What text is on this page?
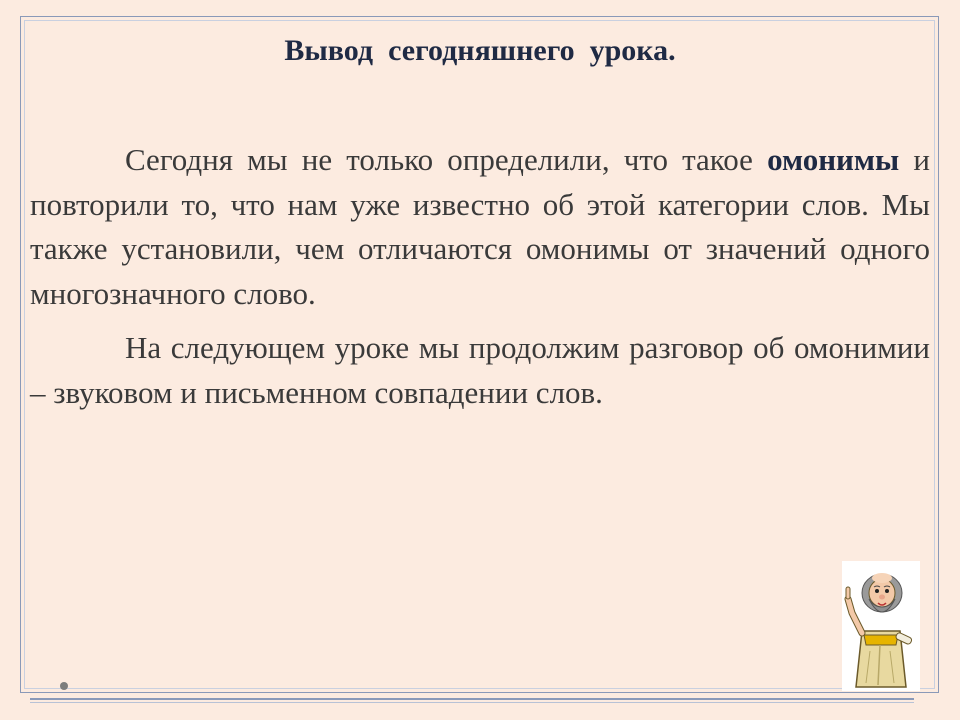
Вывод  сегодняшнего  урока.

Сегодня мы не только определили, что такое омонимы и повторили то, что нам уже известно об этой категории слов. Мы также установили, чем отличаются омонимы от значений одного многозначного слово.

На следующем уроке мы продолжим разговор об омонимии – звуковом и письменном совпадении слов.
